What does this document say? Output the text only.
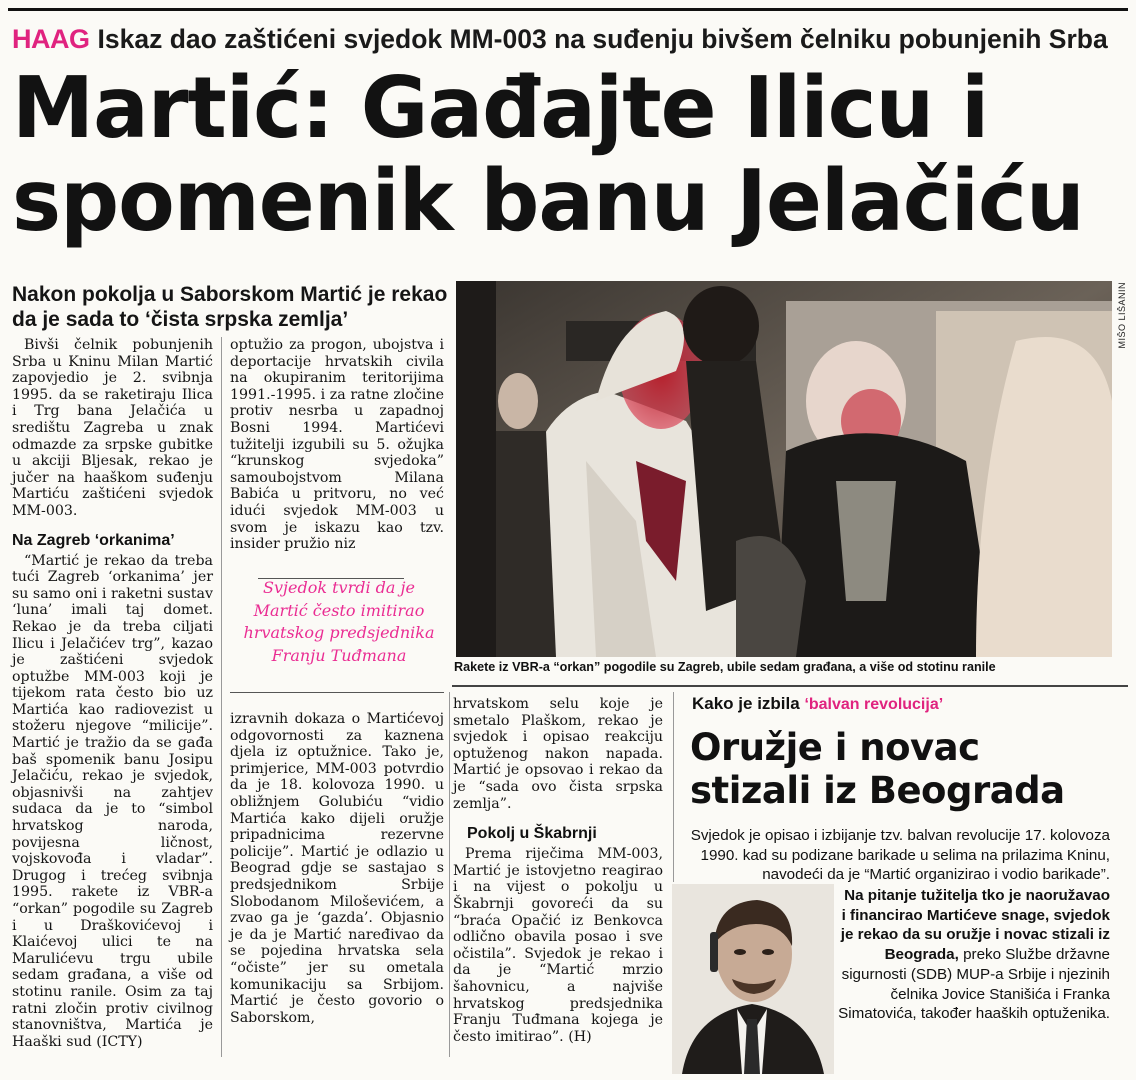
HAAG Iskaz dao zaštićeni svjedok MM-003 na suđenju bivšem čelniku pobunjenih Srba
Martić: Gađajte Ilicu i
spomenik banu Jelačiću
Nakon pokolja u Saborskom Martić je rekao da je sada to ‘čista srpska zemlja’

Bivši čelnik pobunjenih Srba u Kninu Milan Martić zapovjedio je 2. svibnja 1995. da se raketiraju Ilica i Trg bana Jelačića u središtu Zagreba u znak odmazde za srpske gubitke u akciji Bljesak, rekao je jučer na haaškom suđenju Martiću zaštićeni svjedok MM-003.

Na Zagreb ‘orkanima’

“Martić je rekao da treba tući Zagreb ‘orkanima’ jer su samo oni i raketni sustav ‘luna’ imali taj domet. Rekao je da treba ciljati Ilicu i Jelačićev trg”, kazao je zaštićeni svjedok optužbe MM-003 koji je tijekom rata često bio uz Martića kao radiovezist u stožeru njegove “milicije”. Martić je tražio da se gađa baš spomenik banu Josipu Jelačiću, rekao je svjedok, objasnivši na zahtjev sudaca da je to “simbol hrvatskog naroda, povijesna ličnost, vojskovođa i vladar”. Drugog i trećeg svibnja 1995. rakete iz VBR-a “orkan” pogodile su Zagreb i u Draškovićevoj i Klaićevoj ulici te na Marulićevu trgu ubile sedam građana, a više od stotinu ranile. Osim za taj ratni zločin protiv civilnog stanovništva, Martića je Haaški sud (ICTY)

optužio za progon, ubojstva i deportacije hrvatskih civila na okupiranim teritorijima 1991.-1995. i za ratne zločine protiv nesrba u zapadnoj Bosni 1994. Martićevi tužitelji izgubili su 5. ožujka “krunskog svjedoka” samoubojstvom Milana Babića u pritvoru, no već idući svjedok MM-003 u svom je iskazu kao tzv. insider pružio niz

Svjedok tvrdi da je Martić često imitirao hrvatskog predsjednika Franju Tuđmana

izravnih dokaza o Martićevoj odgovornosti za kaznena djela iz optužnice. Tako je, primjerice, MM-003 potvrdio da je 18. kolovoza 1990. u obližnjem Golubiću “vidio Martića kako dijeli oružje pripadnicima rezervne policije”. Martić je odlazio u Beograd gdje se sastajao s predsjednikom Srbije Slobodanom Miloševićem, a zvao ga je ‘gazda’. Objasnio je da je Martić naređivao da se pojedina hrvatska sela “očiste” jer su ometala komunikaciju sa Srbijom. Martić je često govorio o Saborskom,

hrvatskom selu koje je smetalo Plaškom, rekao je svjedok i opisao reakciju optuženog nakon napada. Martić je opsovao i rekao da je “sada ovo čista srpska zemlja”.

Pokolj u Škabrnji

Prema riječima MM-003, Martić je istovjetno reagirao i na vijest o pokolju u Škabrnji govoreći da su “braća Opačić iz Benkovca odlično obavila posao i sve očistila”. Svjedok je rekao i da je “Martić mrzio šahovnicu, a najviše hrvatskog predsjednika Franju Tuđmana kojega je često imitirao”. (H)

MIŠO LIŠANIN
Rakete iz VBR-a “orkan” pogodile su Zagreb, ubile sedam građana, a više od stotinu ranile
Kako je izbila ‘balvan revolucija’
Oružje i novac
stizali iz Beograda
Svjedok je opisao i izbijanje tzv. balvan revolucije 17. kolovoza 1990. kad su podizane barikade u selima na prilazima Kninu, navodeći da je “Martić organizirao i vodio barikade”.
Na pitanje tužitelja tko je naoružavao i financirao Martićeve snage, svjedok je rekao da su oružje i novac stizali iz Beograda, preko Službe državne sigurnosti (SDB) MUP-a Srbije i njezinih čelnika Jovice Stanišića i Franka Simatovića, također haaških optuženika.
